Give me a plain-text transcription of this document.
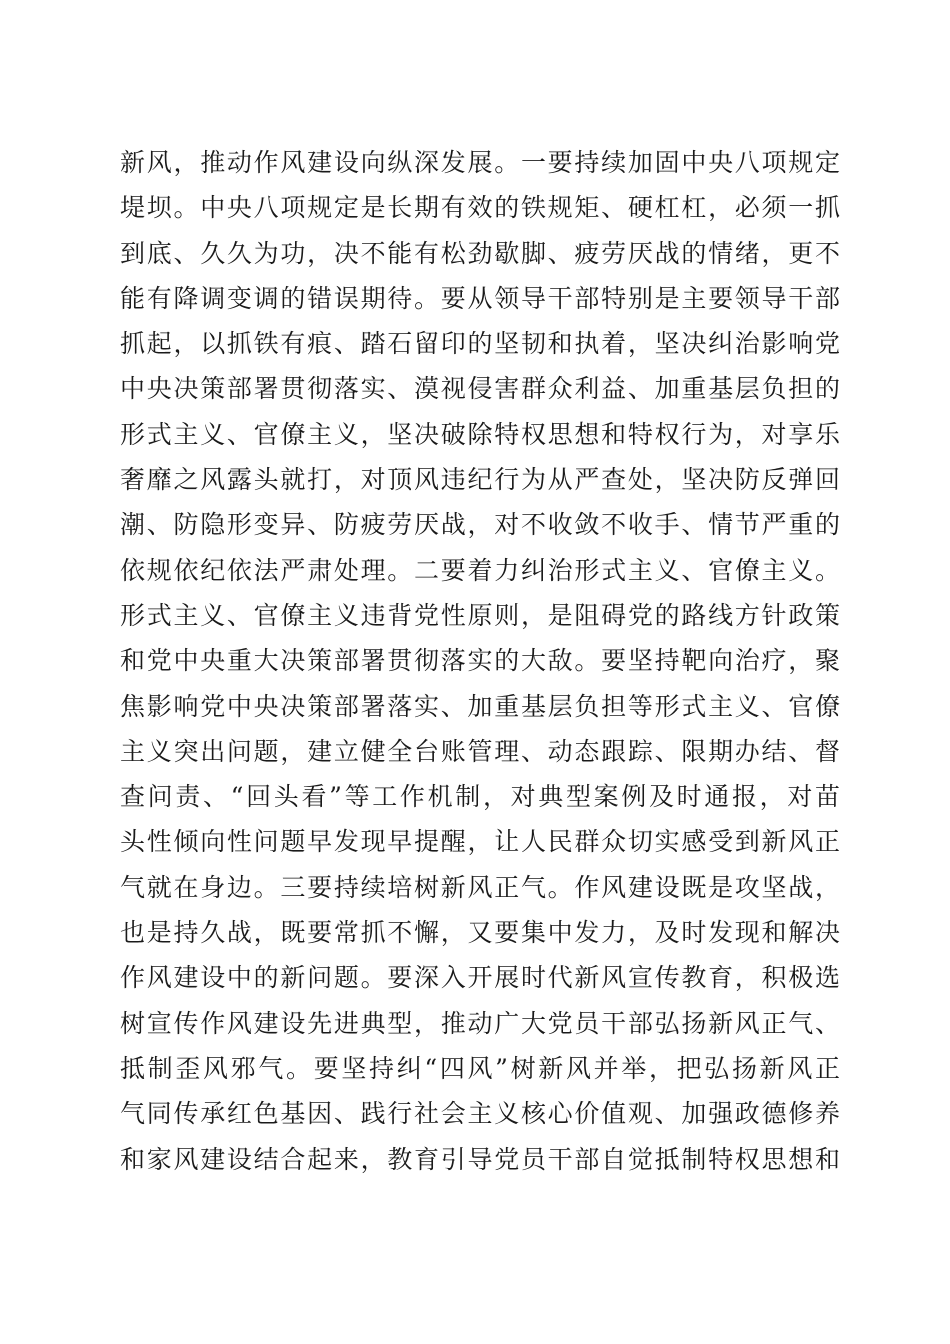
新风，推动作风建设向纵深发展。一要持续加固中央八项规定
堤坝。中央八项规定是长期有效的铁规矩、硬杠杠，必须一抓
到底、久久为功，决不能有松劲歇脚、疲劳厌战的情绪，更不
能有降调变调的错误期待。要从领导干部特别是主要领导干部
抓起，以抓铁有痕、踏石留印的坚韧和执着，坚决纠治影响党
中央决策部署贯彻落实、漠视侵害群众利益、加重基层负担的
形式主义、官僚主义，坚决破除特权思想和特权行为，对享乐
奢靡之风露头就打，对顶风违纪行为从严查处，坚决防反弹回
潮、防隐形变异、防疲劳厌战，对不收敛不收手、情节严重的
依规依纪依法严肃处理。二要着力纠治形式主义、官僚主义。
形式主义、官僚主义违背党性原则，是阻碍党的路线方针政策
和党中央重大决策部署贯彻落实的大敌。要坚持靶向治疗，聚
焦影响党中央决策部署落实、加重基层负担等形式主义、官僚
主义突出问题，建立健全台账管理、动态跟踪、限期办结、督
查问责、“回头看”等工作机制，对典型案例及时通报，对苗
头性倾向性问题早发现早提醒，让人民群众切实感受到新风正
气就在身边。三要持续培树新风正气。作风建设既是攻坚战，
也是持久战，既要常抓不懈，又要集中发力，及时发现和解决
作风建设中的新问题。要深入开展时代新风宣传教育，积极选
树宣传作风建设先进典型，推动广大党员干部弘扬新风正气、
抵制歪风邪气。要坚持纠“四风”树新风并举，把弘扬新风正
气同传承红色基因、践行社会主义核心价值观、加强政德修养
和家风建设结合起来，教育引导党员干部自觉抵制特权思想和
